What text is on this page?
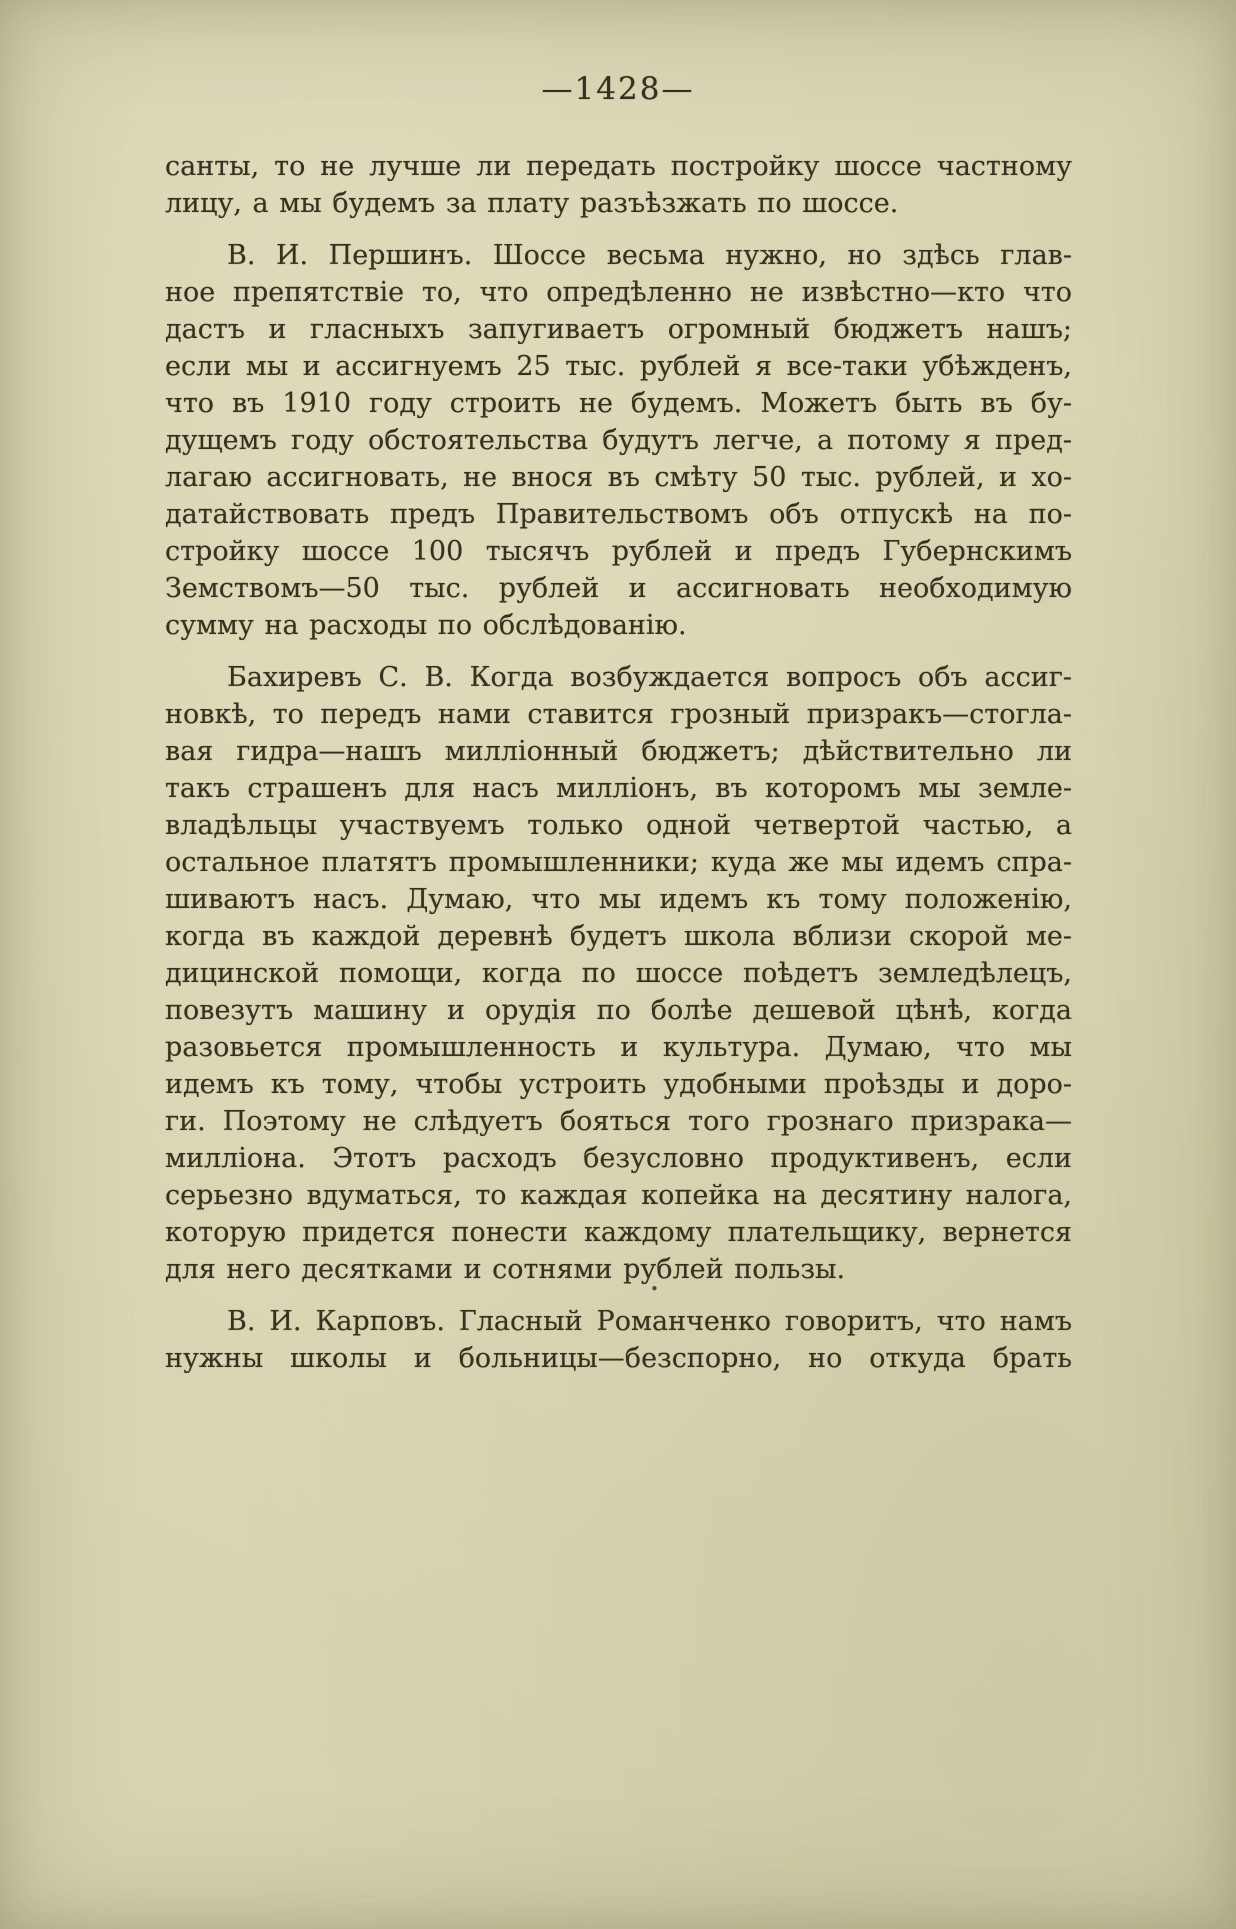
—1428—

санты, то не лучше ли передать постройку шоссе частному
лицу, а мы будемъ за плату разъѣзжать по шоссе.

В. И. Першинъ. Шоссе весьма нужно, но здѣсь глав-
ное препятствіе то, что опредѣленно не извѣстно—кто что
дастъ и гласныхъ запугиваетъ огромный бюджетъ нашъ;
если мы и ассигнуемъ 25 тыс. рублей я все-таки убѣжденъ,
что въ 1910 году строить не будемъ. Можетъ быть въ бу-
дущемъ году обстоятельства будутъ легче, а потому я пред-
лагаю ассигновать, не внося въ смѣту 50 тыс. рублей, и хо-
датайствовать предъ Правительствомъ объ отпускѣ на по-
стройку шоссе 100 тысячъ рублей и предъ Губернскимъ
Земствомъ—50 тыс. рублей и ассигновать необходимую
сумму на расходы по обслѣдованію.

Бахиревъ С. В. Когда возбуждается вопросъ объ ассиг-
новкѣ, то передъ нами ставится грозный призракъ—стогла-
вая гидра—нашъ милліонный бюджетъ; дѣйствительно ли
такъ страшенъ для насъ милліонъ, въ которомъ мы земле-
владѣльцы участвуемъ только одной четвертой частью, а
остальное платятъ промышленники; куда же мы идемъ спра-
шиваютъ насъ. Думаю, что мы идемъ къ тому положенію,
когда въ каждой деревнѣ будетъ школа вблизи скорой ме-
дицинской помощи, когда по шоссе поѣдетъ земледѣлецъ,
повезутъ машину и орудія по болѣе дешевой цѣнѣ, когда
разовьется промышленность и культура. Думаю, что мы
идемъ къ тому, чтобы устроить удобными проѣзды и доро-
ги. Поэтому не слѣдуетъ бояться того грознаго призрака—
милліона. Этотъ расходъ безусловно продуктивенъ, если
серьезно вдуматься, то каждая копейка на десятину налога,
которую придется понести каждому плательщику, вернется
для него десятками и сотнями рублей пользы.

В. И. Карповъ. Гласный Романченко говоритъ, что намъ
нужны школы и больницы—безспорно, но откуда брать

•
